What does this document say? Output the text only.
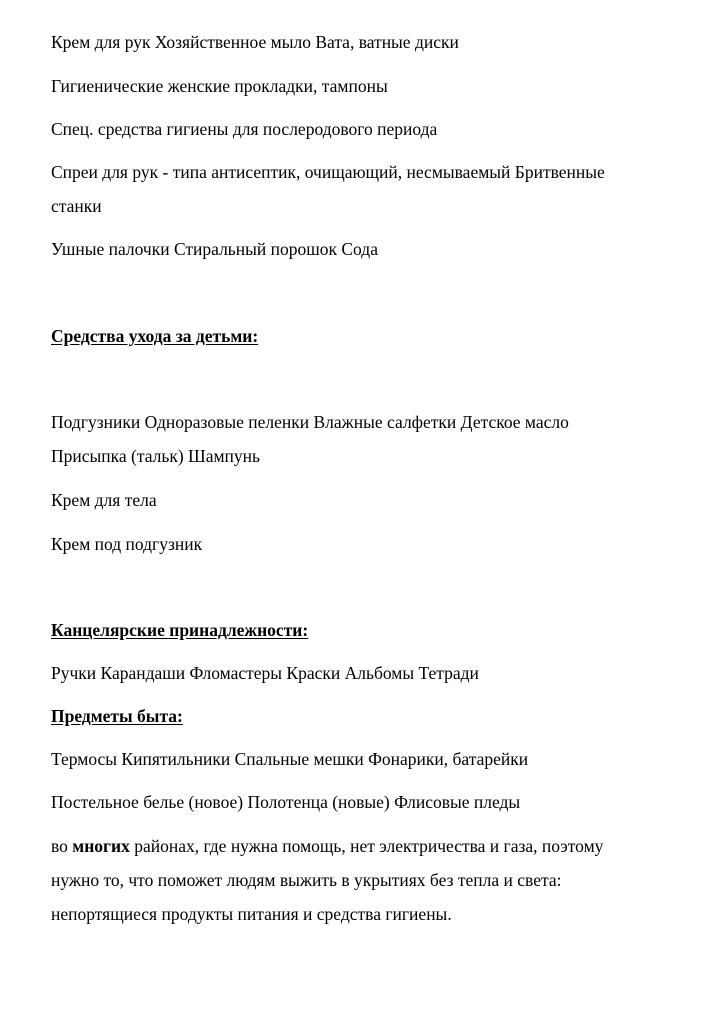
Крем для рук Хозяйственное мыло Вата, ватные диски
Гигиенические женские прокладки, тампоны
Спец. средства гигиены для послеродового периода
Спреи для рук - типа антисептик, очищающий, несмываемый Бритвенные
станки
Ушные палочки Стиральный порошок Сода
Средства ухода за детьми:
Подгузники Одноразовые пеленки Влажные салфетки Детское масло
Присыпка (тальк) Шампунь
Крем для тела
Крем под подгузник
Канцелярские принадлежности:
Ручки Карандаши Фломастеры Краски Альбомы Тетради
Предметы быта:
Термосы Кипятильники Спальные мешки Фонарики, батарейки
Постельное белье (новое) Полотенца (новые) Флисовые пледы
во многих районах, где нужна помощь, нет электричества и газа, поэтому
нужно то, что поможет людям выжить в укрытиях без тепла и света:
непортящиеся продукты питания и средства гигиены.
